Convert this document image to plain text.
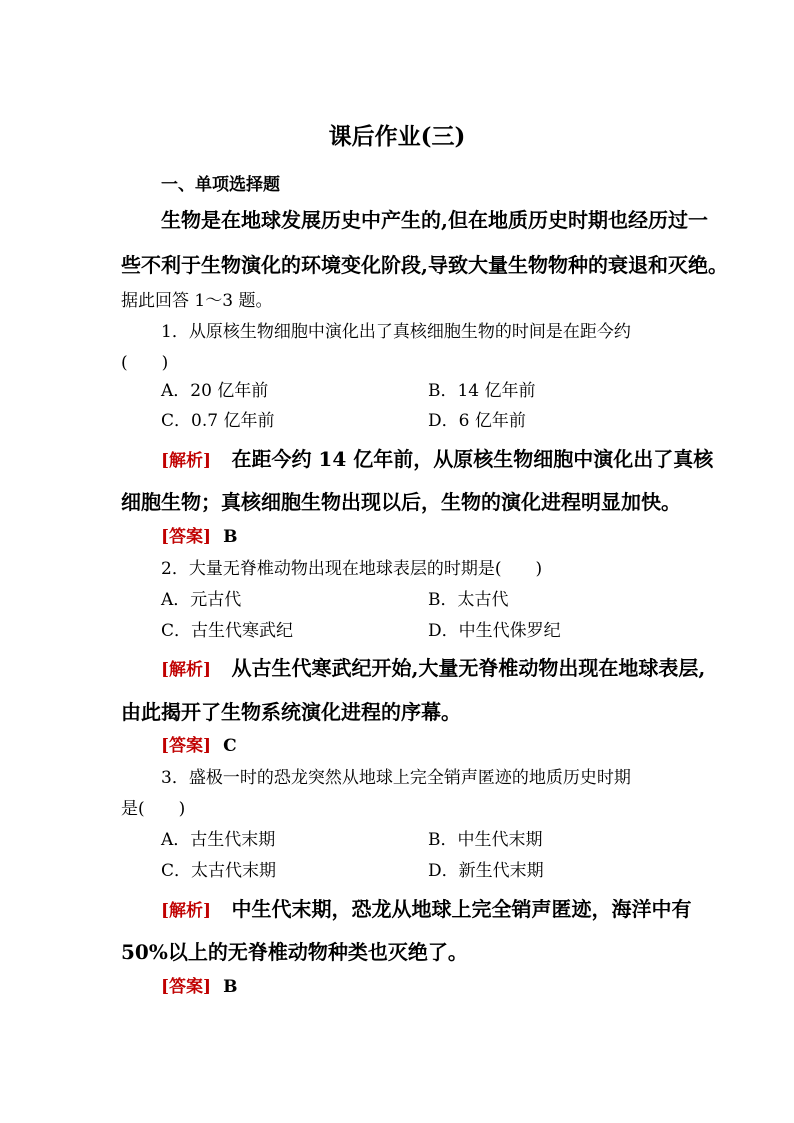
课后作业(三)
一、单项选择题
生物是在地球发展历史中产生的,但在地质历史时期也经历过一
些不利于生物演化的环境变化阶段,导致大量生物物种的衰退和灭绝。
据此回答 1～3 题。
1．从原核生物细胞中演化出了真核细胞生物的时间是在距今约
(　　)
A．20 亿年前	B．14 亿年前
C．0.7 亿年前	D．6 亿年前
[解析] 在距今约 14 亿年前，从原核生物细胞中演化出了真核
细胞生物；真核细胞生物出现以后，生物的演化进程明显加快。
[答案] B
2．大量无脊椎动物出现在地球表层的时期是(　　)
A．元古代	B．太古代
C．古生代寒武纪	D．中生代侏罗纪
[解析] 从古生代寒武纪开始,大量无脊椎动物出现在地球表层,
由此揭开了生物系统演化进程的序幕。
[答案] C
3．盛极一时的恐龙突然从地球上完全销声匿迹的地质历史时期
是(　　)
A．古生代末期	B．中生代末期
C．太古代末期	D．新生代末期
[解析] 中生代末期，恐龙从地球上完全销声匿迹，海洋中有
50%以上的无脊椎动物种类也灭绝了。
[答案] B
